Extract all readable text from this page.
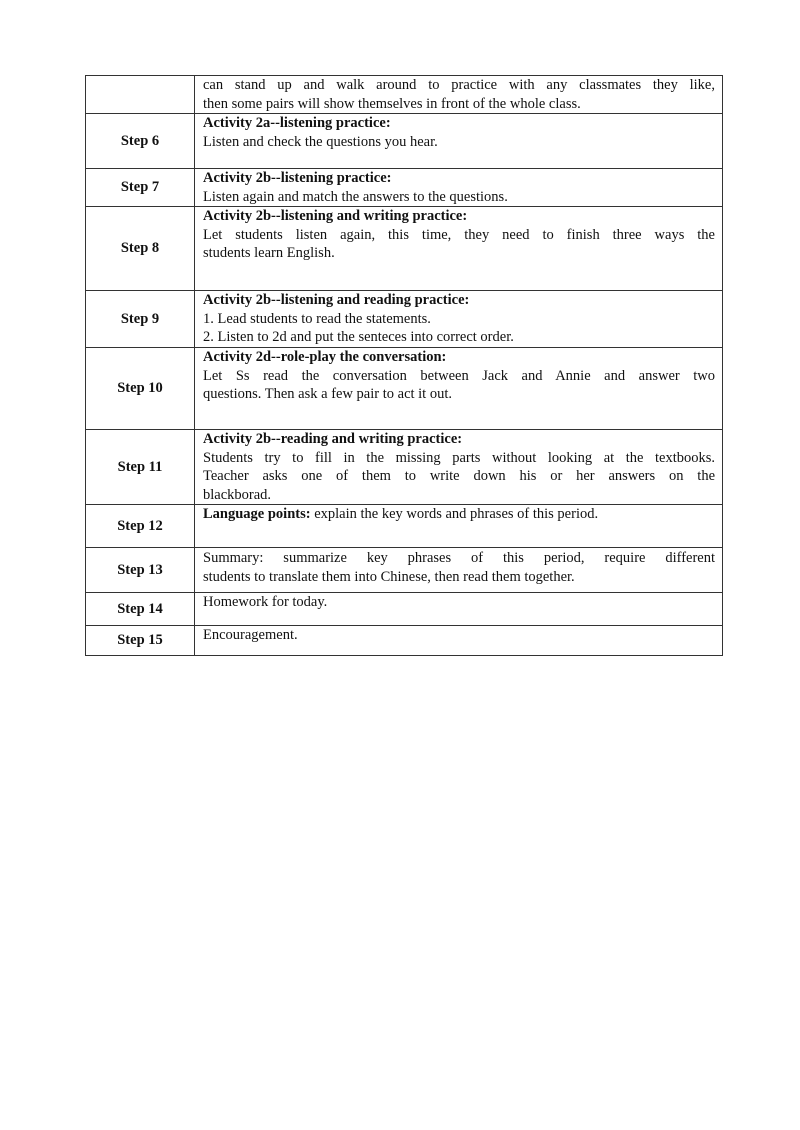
	can stand up and walk around to practice with any classmates they like,
then some pairs will show themselves in front of the whole class.

Step 6	Activity 2a--listening practice:
Listen and check the questions you hear.

Step 7	Activity 2b--listening practice:
Listen again and match the answers to the questions.

Step 8	Activity 2b--listening and writing practice:
Let students listen again, this time, they need to finish three ways the
students learn English.

Step 9	Activity 2b--listening and reading practice:
1. Lead students to read the statements.
2. Listen to 2d and put the senteces into correct order.

Step 10	Activity 2d--role-play the conversation:
Let Ss read the conversation between Jack and Annie and answer two
questions. Then ask a few pair to act it out.

Step 11	Activity 2b--reading and writing practice:
Students try to fill in the missing parts without looking at the textbooks.
Teacher asks one of them to write down his or her answers on the
blackborad.

Step 12	Language points: explain the key words and phrases of this period.

Step 13	Summary: summarize key phrases of this period, require different
students to translate them into Chinese, then read them together.

Step 14	Homework for today.

Step 15	Encouragement.
